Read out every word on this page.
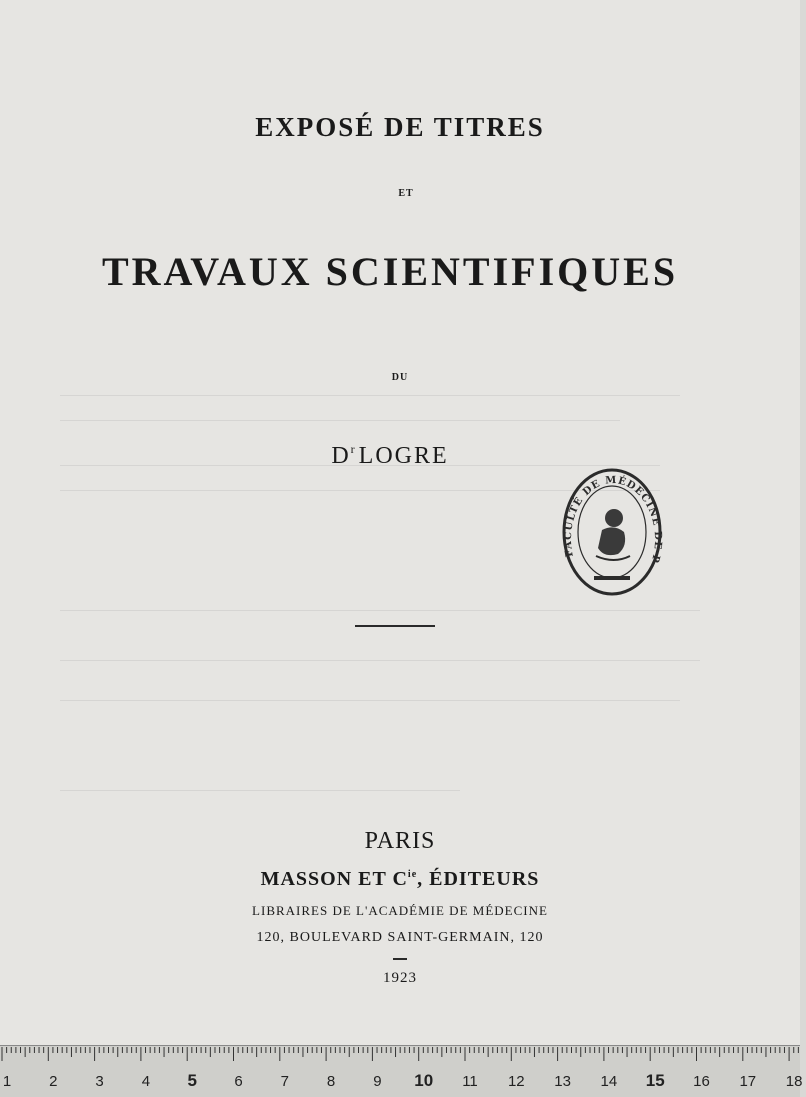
EXPOSÉ DE TITRES
ET
TRAVAUX SCIENTIFIQUES
DU
$D^r$ LOGRE
FACULTÉ DE MÉDECINE DE P
PARIS
MASSON ET $C^{ie}$, ÉDITEURS
LIBRAIRES DE L'ACADÉMIE DE MÉDECINE
120, BOULEVARD SAINT-GERMAIN, 120
1923
1	2	3	4 5 6	7	8	9 10 11 12 13 14 15 16 17 18
